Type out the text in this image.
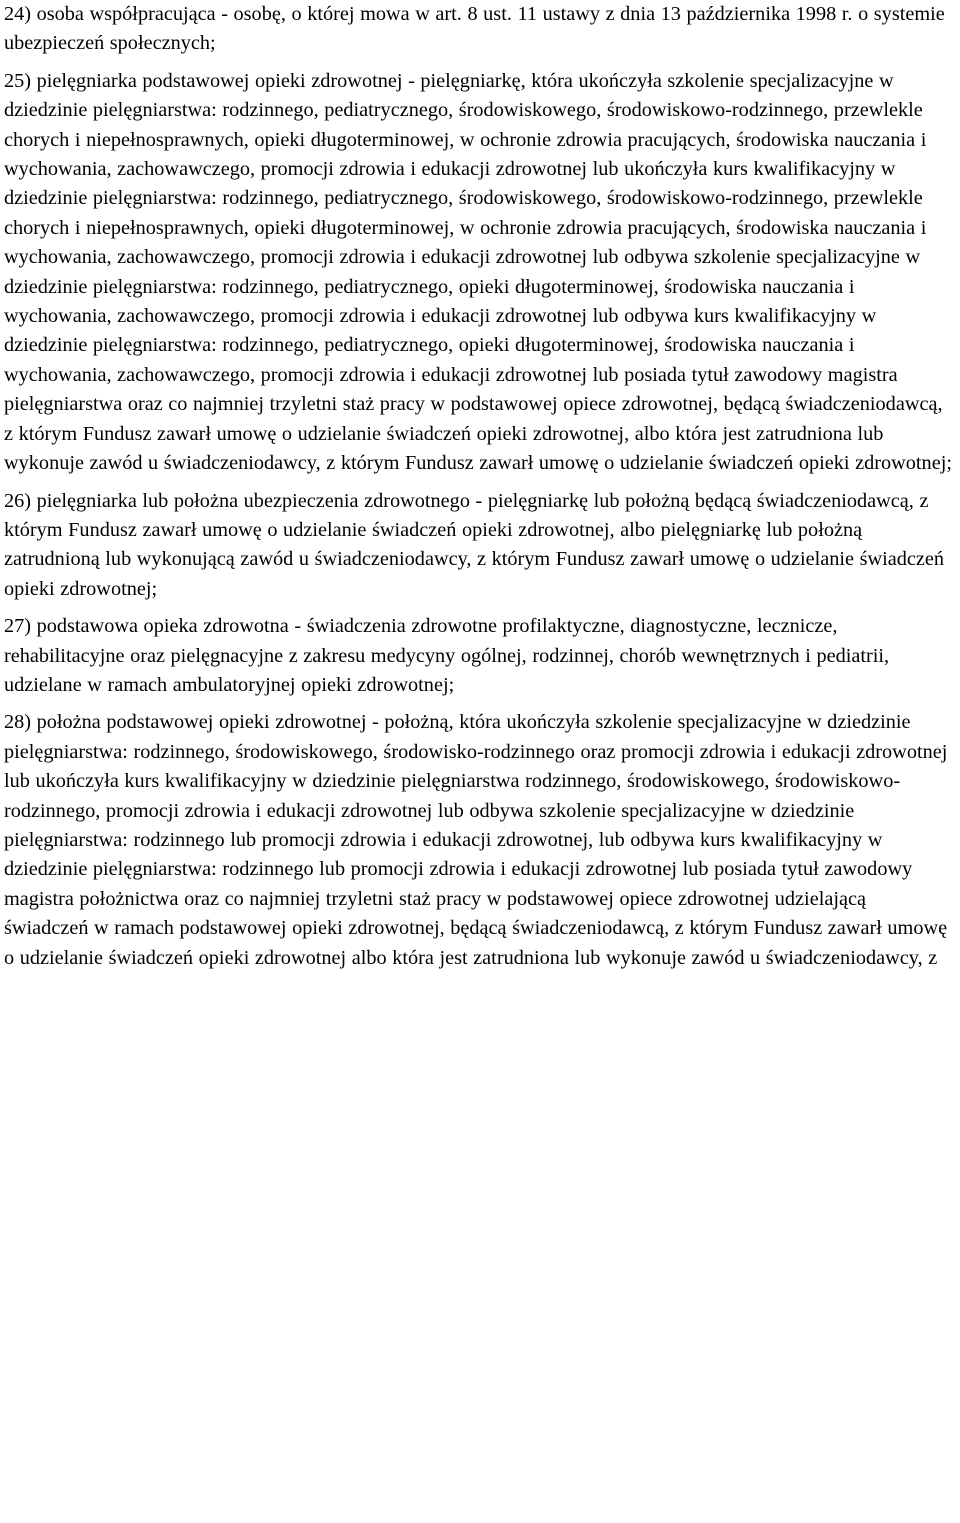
24) osoba współpracująca - osobę, o której mowa w art. 8 ust. 11 ustawy z dnia 13 października 1998 r. o systemie ubezpieczeń społecznych;

25) pielęgniarka podstawowej opieki zdrowotnej - pielęgniarkę, która ukończyła szkolenie specjalizacyjne w dziedzinie pielęgniarstwa: rodzinnego, pediatrycznego, środowiskowego, środowiskowo-rodzinnego, przewlekle chorych i niepełnosprawnych, opieki długoterminowej, w ochronie zdrowia pracujących, środowiska nauczania i wychowania, zachowawczego, promocji zdrowia i edukacji zdrowotnej lub ukończyła kurs kwalifikacyjny w dziedzinie pielęgniarstwa: rodzinnego, pediatrycznego, środowiskowego, środowiskowo-rodzinnego, przewlekle chorych i niepełnosprawnych, opieki długoterminowej, w ochronie zdrowia pracujących, środowiska nauczania i wychowania, zachowawczego, promocji zdrowia i edukacji zdrowotnej lub odbywa szkolenie specjalizacyjne w dziedzinie pielęgniarstwa: rodzinnego, pediatrycznego, opieki długoterminowej, środowiska nauczania i wychowania, zachowawczego, promocji zdrowia i edukacji zdrowotnej lub odbywa kurs kwalifikacyjny w dziedzinie pielęgniarstwa: rodzinnego, pediatrycznego, opieki długoterminowej, środowiska nauczania i wychowania, zachowawczego, promocji zdrowia i edukacji zdrowotnej lub posiada tytuł zawodowy magistra pielęgniarstwa oraz co najmniej trzyletni staż pracy w podstawowej opiece zdrowotnej, będącą świadczeniodawcą, z którym Fundusz zawarł umowę o udzielanie świadczeń opieki zdrowotnej, albo która jest zatrudniona lub wykonuje zawód u świadczeniodawcy, z którym Fundusz zawarł umowę o udzielanie świadczeń opieki zdrowotnej;

26) pielęgniarka lub położna ubezpieczenia zdrowotnego - pielęgniarkę lub położną będącą świadczeniodawcą, z którym Fundusz zawarł umowę o udzielanie świadczeń opieki zdrowotnej, albo pielęgniarkę lub położną zatrudnioną lub wykonującą zawód u świadczeniodawcy, z którym Fundusz zawarł umowę o udzielanie świadczeń opieki zdrowotnej;

27) podstawowa opieka zdrowotna - świadczenia zdrowotne profilaktyczne, diagnostyczne, lecznicze, rehabilitacyjne oraz pielęgnacyjne z zakresu medycyny ogólnej, rodzinnej, chorób wewnętrznych i pediatrii, udzielane w ramach ambulatoryjnej opieki zdrowotnej;

28) położna podstawowej opieki zdrowotnej - położną, która ukończyła szkolenie specjalizacyjne w dziedzinie pielęgniarstwa: rodzinnego, środowiskowego, środowisko-rodzinnego oraz promocji zdrowia i edukacji zdrowotnej lub ukończyła kurs kwalifikacyjny w dziedzinie pielęgniarstwa rodzinnego, środowiskowego, środowiskowo-rodzinnego, promocji zdrowia i edukacji zdrowotnej lub odbywa szkolenie specjalizacyjne w dziedzinie pielęgniarstwa: rodzinnego lub promocji zdrowia i edukacji zdrowotnej, lub odbywa kurs kwalifikacyjny w dziedzinie pielęgniarstwa: rodzinnego lub promocji zdrowia i edukacji zdrowotnej lub posiada tytuł zawodowy magistra położnictwa oraz co najmniej trzyletni staż pracy w podstawowej opiece zdrowotnej udzielającą świadczeń w ramach podstawowej opieki zdrowotnej, będącą świadczeniodawcą, z którym Fundusz zawarł umowę o udzielanie świadczeń opieki zdrowotnej albo która jest zatrudniona lub wykonuje zawód u świadczeniodawcy, z
